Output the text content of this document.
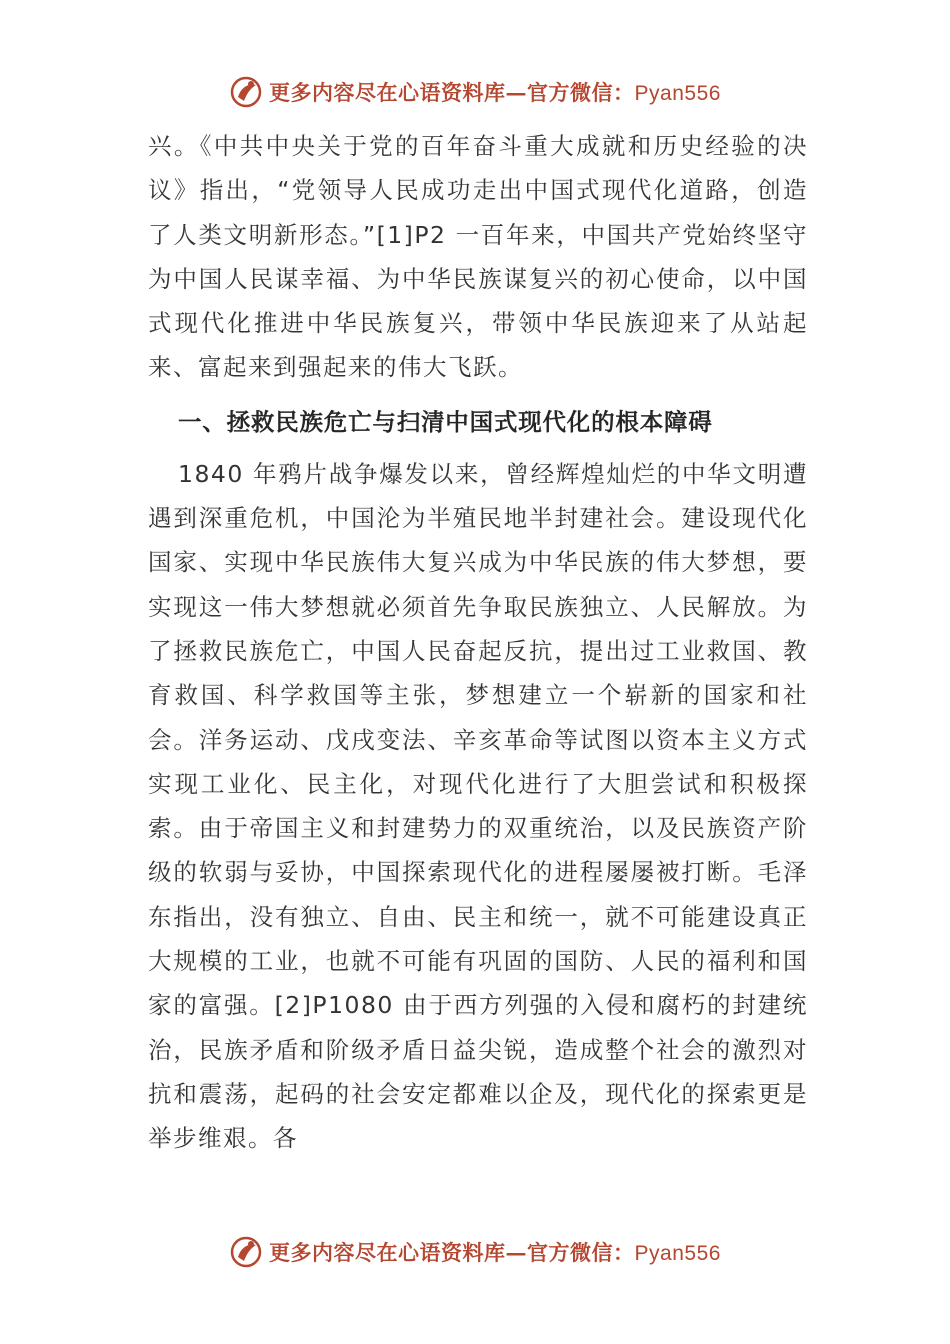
更多内容尽在心语资料库—官方微信：Pyan556

兴。《中共中央关于党的百年奋斗重大成就和历史经验的决议》指出，“党领导人民成功走出中国式现代化道路，创造了人类文明新形态。”[1]P2 一百年来，中国共产党始终坚守为中国人民谋幸福、为中华民族谋复兴的初心使命，以中国式现代化推进中华民族复兴，带领中华民族迎来了从站起来、富起来到强起来的伟大飞跃。

一、拯救民族危亡与扫清中国式现代化的根本障碍

1840 年鸦片战争爆发以来，曾经辉煌灿烂的中华文明遭遇到深重危机，中国沦为半殖民地半封建社会。建设现代化国家、实现中华民族伟大复兴成为中华民族的伟大梦想，要实现这一伟大梦想就必须首先争取民族独立、人民解放。为了拯救民族危亡，中国人民奋起反抗，提出过工业救国、教育救国、科学救国等主张，梦想建立一个崭新的国家和社会。洋务运动、戊戌变法、辛亥革命等试图以资本主义方式实现工业化、民主化，对现代化进行了大胆尝试和积极探索。由于帝国主义和封建势力的双重统治，以及民族资产阶级的软弱与妥协，中国探索现代化的进程屡屡被打断。毛泽东指出，没有独立、自由、民主和统一，就不可能建设真正大规模的工业，也就不可能有巩固的国防、人民的福利和国家的富强。[2]P1080 由于西方列强的入侵和腐朽的封建统治，民族矛盾和阶级矛盾日益尖锐，造成整个社会的激烈对抗和震荡，起码的社会安定都难以企及，现代化的探索更是举步维艰。各

更多内容尽在心语资料库—官方微信：Pyan556
